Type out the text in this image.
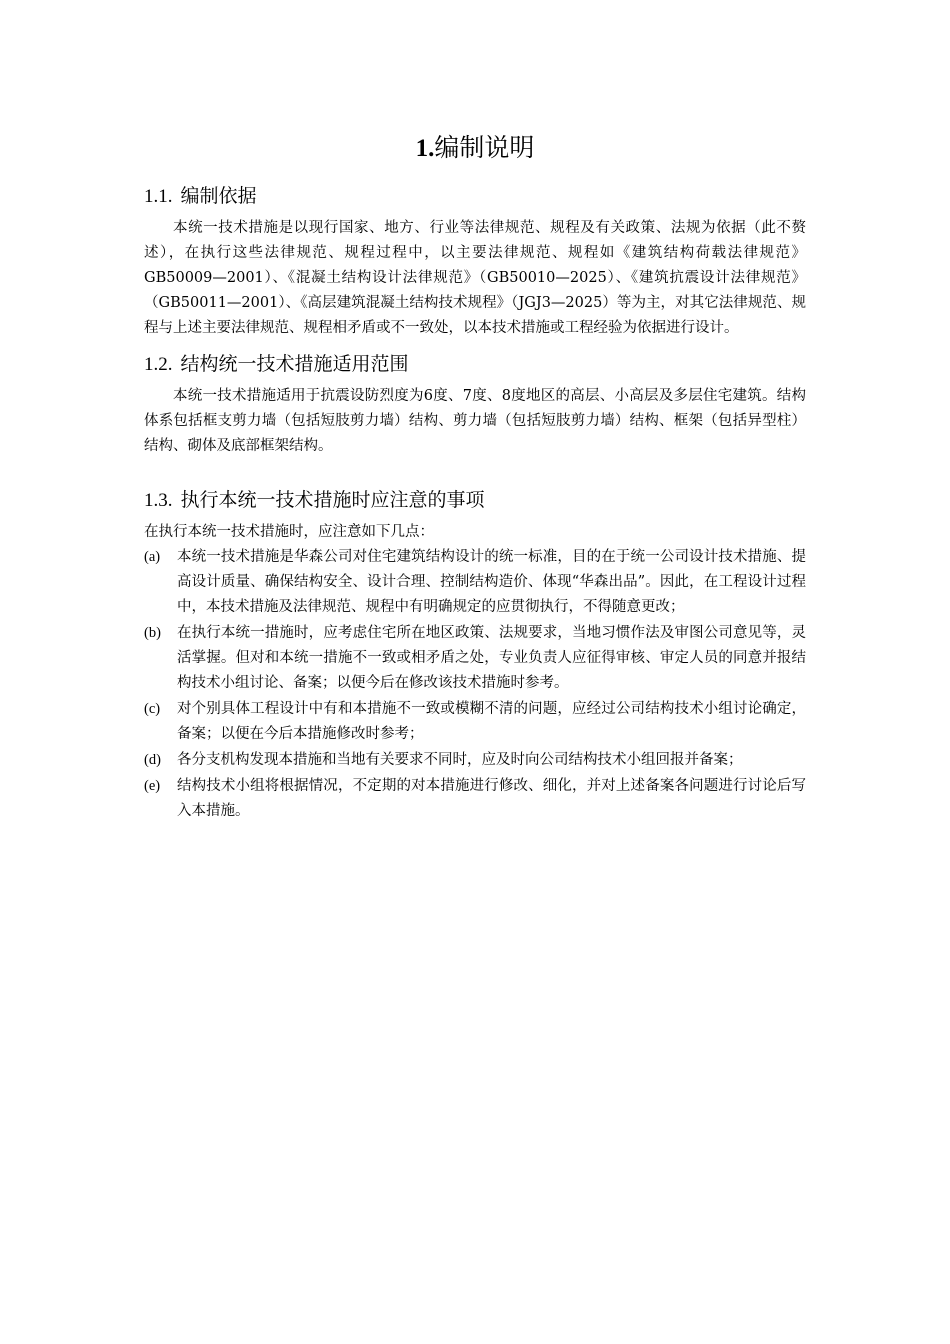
1.编制说明
1.1. 编制依据

本统一技术措施是以现行国家、地方、行业等法律规范、规程及有关政策、法规为依据（此不赘述），在执行这些法律规范、规程过程中，以主要法律规范、规程如《建筑结构荷载法律规范》GB50009—2001）、《混凝土结构设计法律规范》（GB50010—2025）、《建筑抗震设计法律规范》（GB50011—2001）、《高层建筑混凝土结构技术规程》（JGJ3—2025）等为主，对其它法律规范、规程与上述主要法律规范、规程相矛盾或不一致处，以本技术措施或工程经验为依据进行设计。

1.2. 结构统一技术措施适用范围

本统一技术措施适用于抗震设防烈度为6度、7度、8度地区的高层、小高层及多层住宅建筑。结构体系包括框支剪力墙（包括短肢剪力墙）结构、剪力墙（包括短肢剪力墙）结构、框架（包括异型柱）结构、砌体及底部框架结构。

1.3. 执行本统一技术措施时应注意的事项

在执行本统一技术措施时，应注意如下几点：

(a)	本统一技术措施是华森公司对住宅建筑结构设计的统一标准，目的在于统一公司设计技术措施、提高设计质量、确保结构安全、设计合理、控制结构造价、体现“华森出品”。因此，在工程设计过程中，本技术措施及法律规范、规程中有明确规定的应贯彻执行，不得随意更改；
(b)	在执行本统一措施时，应考虑住宅所在地区政策、法规要求，当地习惯作法及审图公司意见等，灵活掌握。但对和本统一措施不一致或相矛盾之处，专业负责人应征得审核、审定人员的同意并报结构技术小组讨论、备案；以便今后在修改该技术措施时参考。
(c)	对个别具体工程设计中有和本措施不一致或模糊不清的问题，应经过公司结构技术小组讨论确定，备案；以便在今后本措施修改时参考；
(d)	各分支机构发现本措施和当地有关要求不同时，应及时向公司结构技术小组回报并备案；
(e)	结构技术小组将根据情况，不定期的对本措施进行修改、细化，并对上述备案各问题进行讨论后写入本措施。
